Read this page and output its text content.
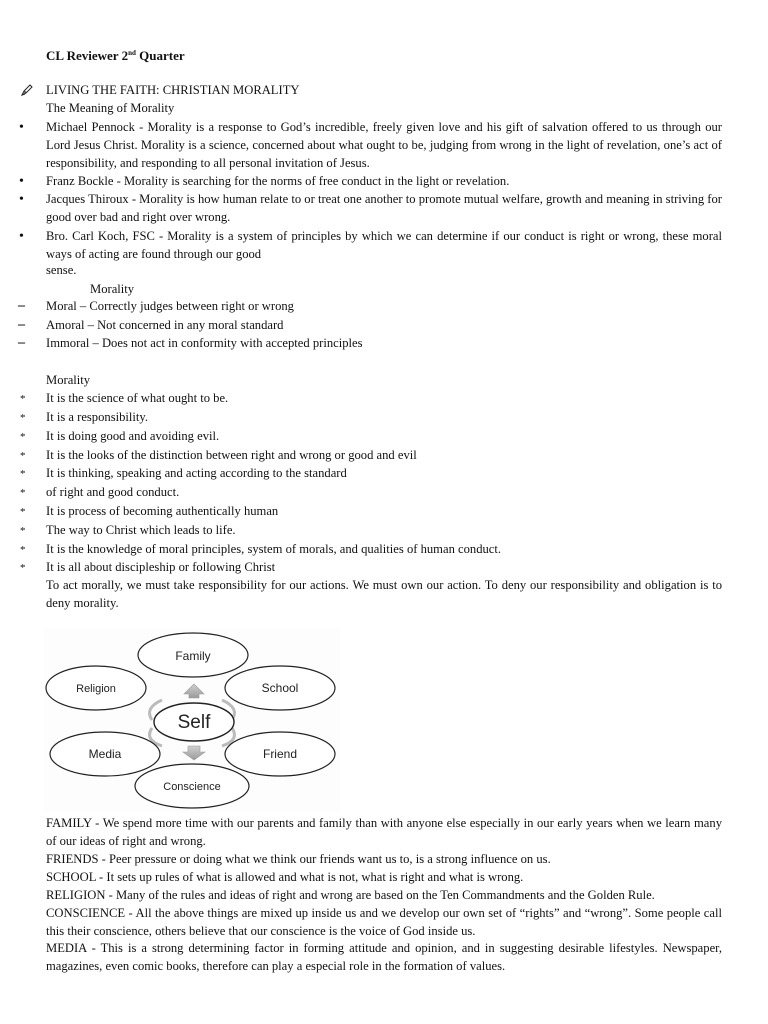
CL Reviewer 2nd Quarter
LIVING THE FAITH: CHRISTIAN MORALITY
The Meaning of Morality
• Michael Pennock - Morality is a response to God’s incredible, freely given love and his gift of salvation offered to us through our Lord Jesus Christ. Morality is a science, concerned about what ought to be, judging from wrong in the light of revelation, one’s act of responsibility, and responding to all personal invitation of Jesus.
• Franz Bockle - Morality is searching for the norms of free conduct in the light or revelation.
• Jacques Thiroux - Morality is how human relate to or treat one another to promote mutual welfare, growth and meaning in striving for good over bad and right over wrong.
• Bro. Carl Koch, FSC - Morality is a system of principles by which we can determine if our conduct is right or wrong, these moral ways of acting are found through our good
sense.
Morality
– Moral – Correctly judges between right or wrong
– Amoral – Not concerned in any moral standard
– Immoral – Does not act in conformity with accepted principles
Morality
* It is the science of what ought to be.
* It is a responsibility.
* It is doing good and avoiding evil.
* It is the looks of the distinction between right and wrong or good and evil
* It is thinking, speaking and acting according to the standard
* of right and good conduct.
* It is process of becoming authentically human
* The way to Christ which leads to life.
* It is the knowledge of moral principles, system of morals, and qualities of human conduct.
* It is all about discipleship or following Christ
To act morally, we must take responsibility for our actions. We must own our action. To deny our responsibility and obligation is to deny morality.
Self
Family
Religion	School
Media	Friend
Conscience
FAMILY - We spend more time with our parents and family than with anyone else especially in our early years when we learn many of our ideas of right and wrong.
FRIENDS - Peer pressure or doing what we think our friends want us to, is a strong influence on us.
SCHOOL - It sets up rules of what is allowed and what is not, what is right and what is wrong.
RELIGION - Many of the rules and ideas of right and wrong are based on the Ten Commandments and the Golden Rule.
CONSCIENCE - All the above things are mixed up inside us and we develop our own set of “rights” and “wrong”. Some people call this their conscience, others believe that our conscience is the voice of God inside us.
MEDIA - This is a strong determining factor in forming attitude and opinion, and in suggesting desirable lifestyles. Newspaper, magazines, even comic books, therefore can play a especial role in the formation of values.
